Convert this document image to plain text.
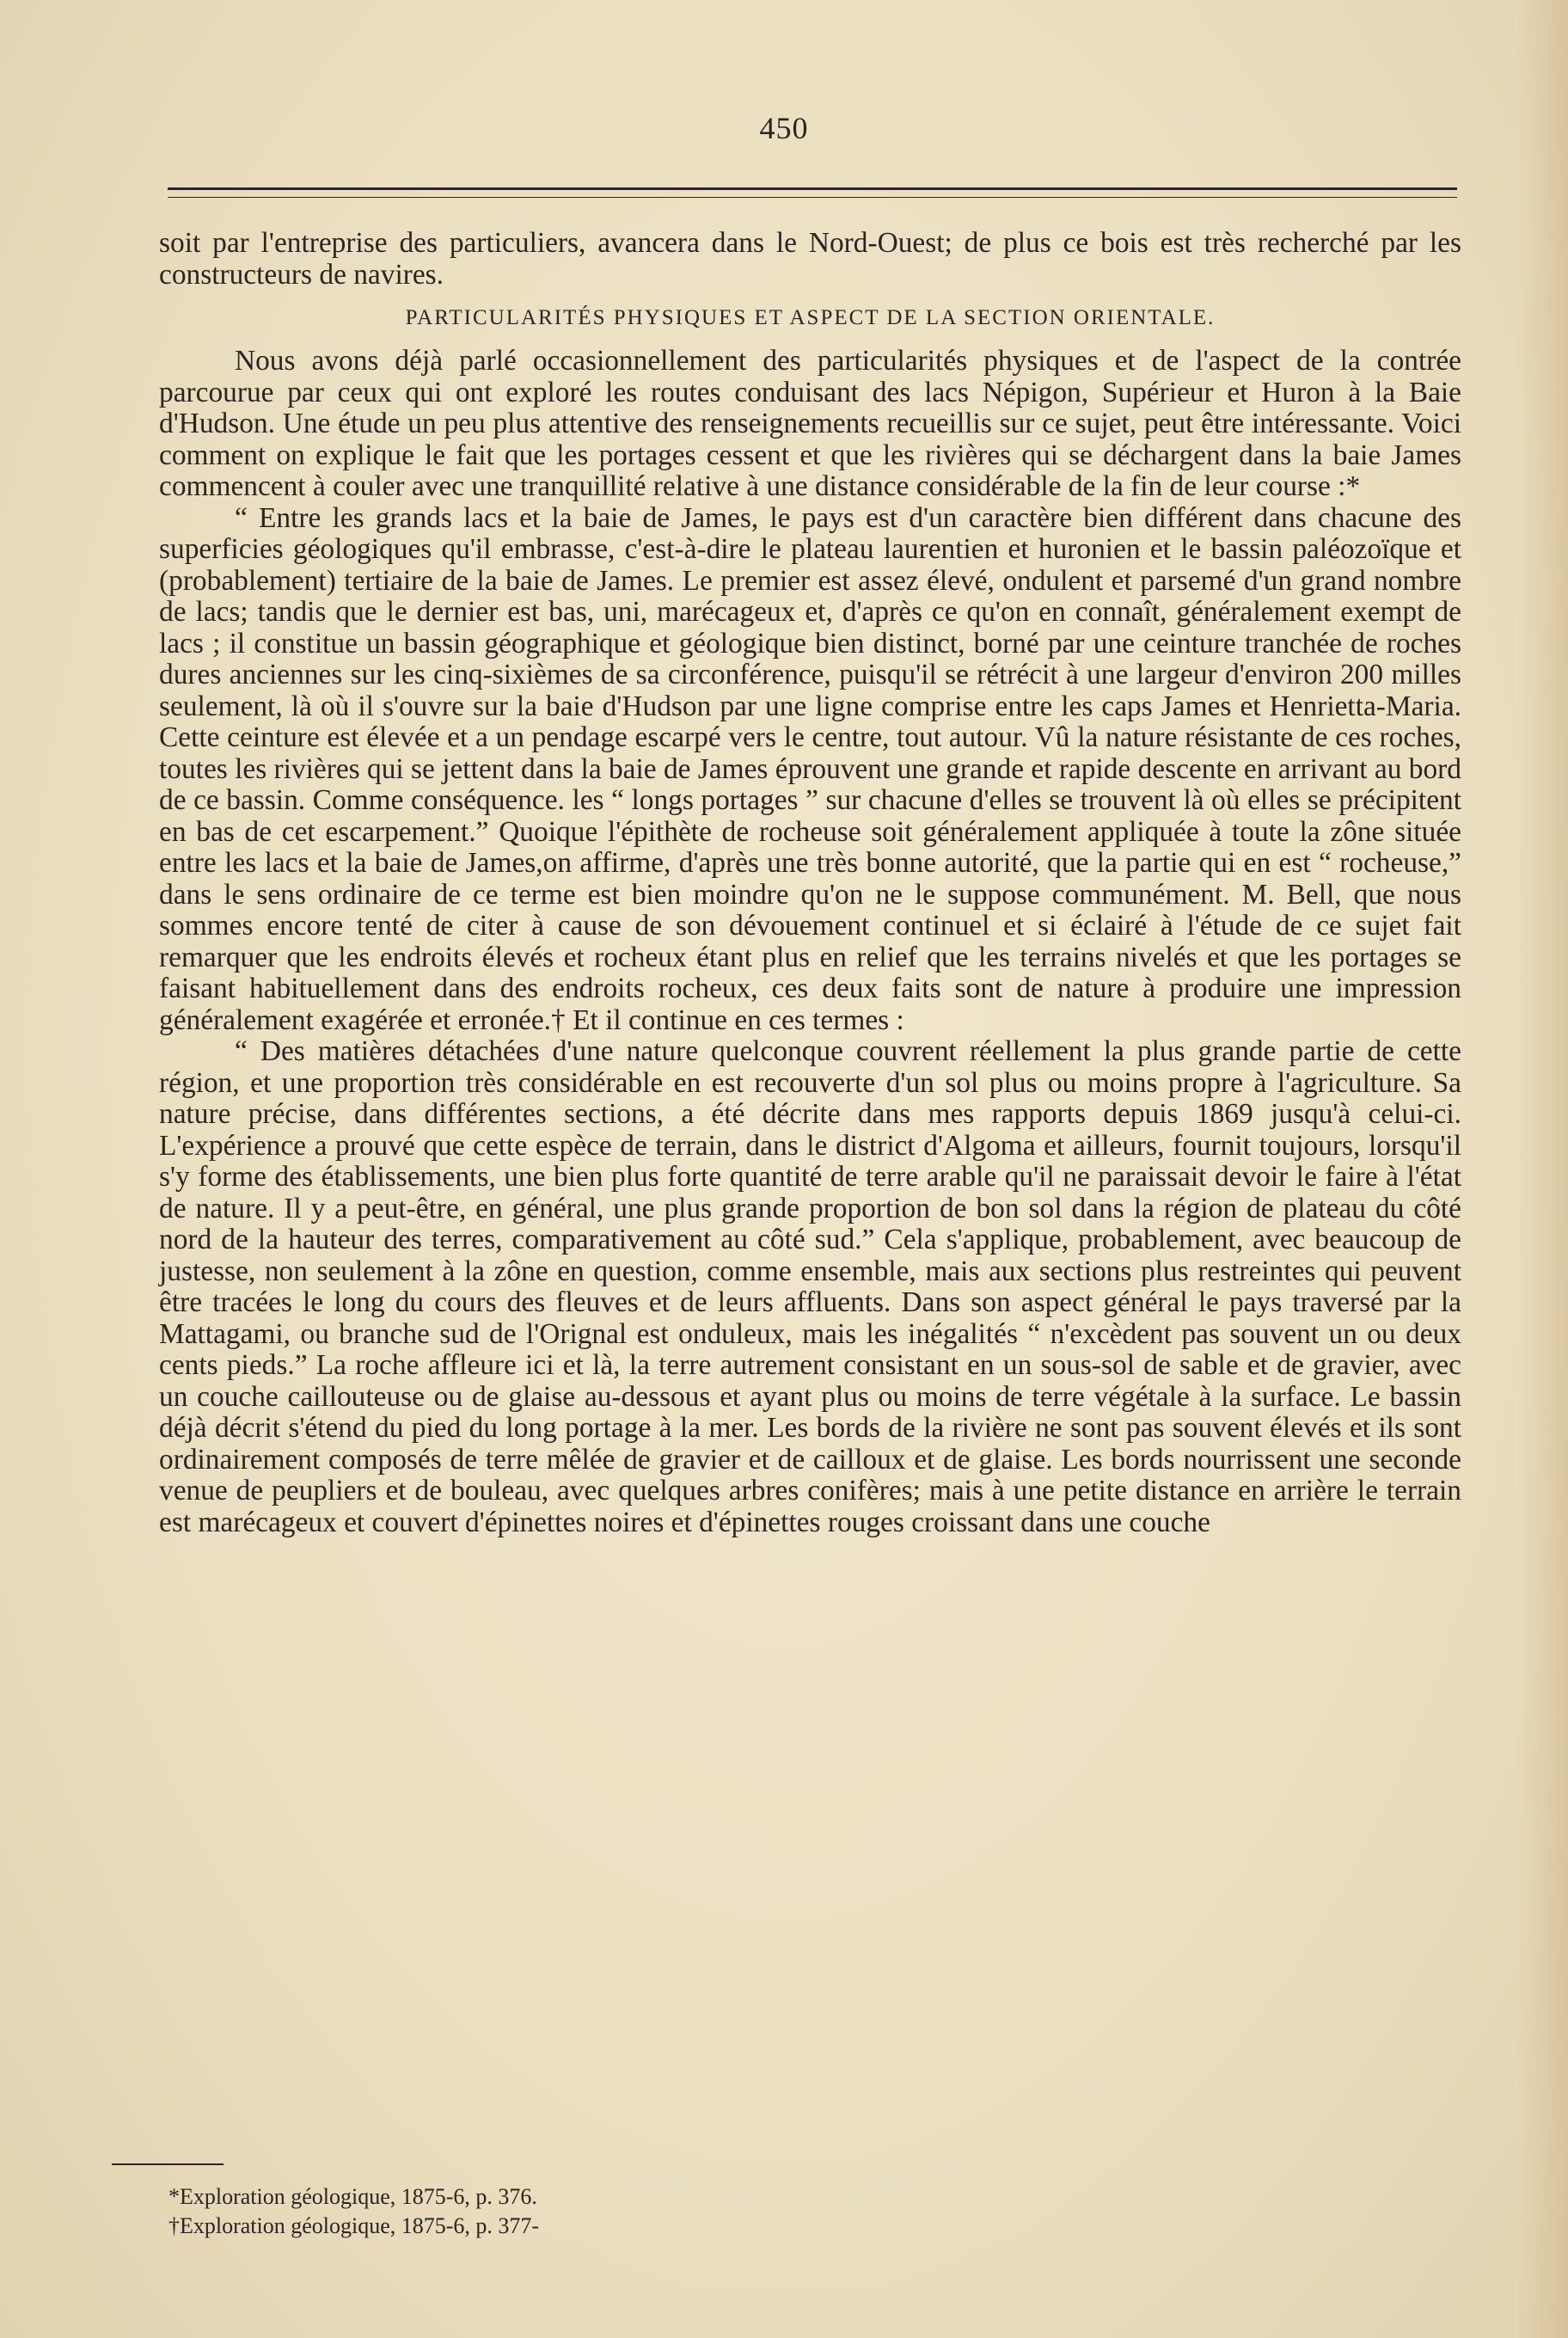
450

soit par l'entreprise des particuliers, avancera dans le Nord-Ouest; de plus ce bois est très recherché par les constructeurs de navires.

PARTICULARITÉS PHYSIQUES ET ASPECT DE LA SECTION ORIENTALE.

Nous avons déjà parlé occasionnellement des particularités physiques et de l'aspect de la contrée parcourue par ceux qui ont exploré les routes conduisant des lacs Népigon, Supérieur et Huron à la Baie d'Hudson. Une étude un peu plus attentive des renseignements recueillis sur ce sujet, peut être intéressante. Voici comment on explique le fait que les portages cessent et que les rivières qui se déchargent dans la baie James commencent à couler avec une tranquillité relative à une distance considérable de la fin de leur course :*

“ Entre les grands lacs et la baie de James, le pays est d'un caractère bien différent dans chacune des superficies géologiques qu'il embrasse, c'est-à-dire le plateau laurentien et huronien et le bassin paléozoïque et (probablement) tertiaire de la baie de James. Le premier est assez élevé, ondulent et parsemé d'un grand nombre de lacs; tandis que le dernier est bas, uni, marécageux et, d'après ce qu'on en connaît, généralement exempt de lacs ; il constitue un bassin géographique et géologique bien distinct, borné par une ceinture tranchée de roches dures anciennes sur les cinq-sixièmes de sa circonférence, puisqu'il se rétrécit à une largeur d'environ 200 milles seulement, là où il s'ouvre sur la baie d'Hudson par une ligne comprise entre les caps James et Henrietta-Maria. Cette ceinture est élevée et a un pendage escarpé vers le centre, tout autour. Vû la nature résistante de ces roches, toutes les rivières qui se jettent dans la baie de James éprouvent une grande et rapide descente en arrivant au bord de ce bassin. Comme conséquence. les “ longs portages ” sur chacune d'elles se trouvent là où elles se précipitent en bas de cet escarpement.” Quoique l'épithète de rocheuse soit généralement appliquée à toute la zône située entre les lacs et la baie de James,on affirme, d'après une très bonne autorité, que la partie qui en est “ rocheuse,” dans le sens ordinaire de ce terme est bien moindre qu'on ne le suppose communément. M. Bell, que nous sommes encore tenté de citer à cause de son dévouement continuel et si éclairé à l'étude de ce sujet fait remarquer que les endroits élevés et rocheux étant plus en relief que les terrains nivelés et que les portages se faisant habituellement dans des endroits rocheux, ces deux faits sont de nature à produire une impression généralement exagérée et erronée.† Et il continue en ces termes :

“ Des matières détachées d'une nature quelconque couvrent réellement la plus grande partie de cette région, et une proportion très considérable en est recouverte d'un sol plus ou moins propre à l'agriculture. Sa nature précise, dans différentes sections, a été décrite dans mes rapports depuis 1869 jusqu'à celui-ci. L'expérience a prouvé que cette espèce de terrain, dans le district d'Algoma et ailleurs, fournit toujours, lorsqu'il s'y forme des établissements, une bien plus forte quantité de terre arable qu'il ne paraissait devoir le faire à l'état de nature. Il y a peut-être, en général, une plus grande proportion de bon sol dans la région de plateau du côté nord de la hauteur des terres, comparativement au côté sud.” Cela s'applique, probablement, avec beaucoup de justesse, non seulement à la zône en question, comme ensemble, mais aux sections plus restreintes qui peuvent être tracées le long du cours des fleuves et de leurs affluents. Dans son aspect général le pays traversé par la Mattagami, ou branche sud de l'Orignal est onduleux, mais les inégalités “ n'excèdent pas souvent un ou deux cents pieds.” La roche affleure ici et là, la terre autrement consistant en un sous-sol de sable et de gravier, avec un couche caillouteuse ou de glaise au-dessous et ayant plus ou moins de terre végétale à la surface. Le bassin déjà décrit s'étend du pied du long portage à la mer. Les bords de la rivière ne sont pas souvent élevés et ils sont ordinairement composés de terre mêlée de gravier et de cailloux et de glaise. Les bords nourrissent une seconde venue de peupliers et de bouleau, avec quelques arbres conifères; mais à une petite distance en arrière le terrain est marécageux et couvert d'épinettes noires et d'épinettes rouges croissant dans une couche

*Exploration géologique, 1875-6, p. 376.

†Exploration géologique, 1875-6, p. 377-
